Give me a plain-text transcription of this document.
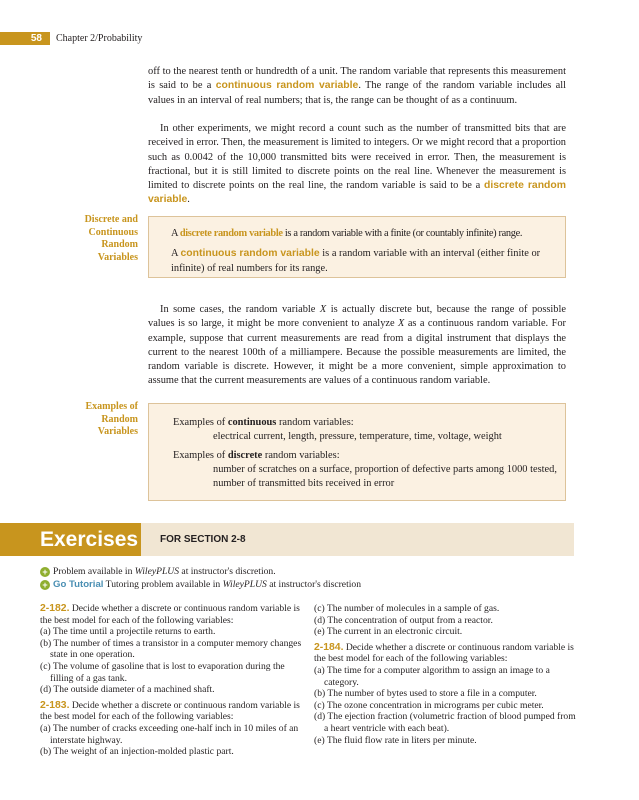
58	Chapter 2/Probability

off to the nearest tenth or hundredth of a unit. The random variable that represents this measurement is said to be a continuous random variable. The range of the random variable includes all values in an interval of real numbers; that is, the range can be thought of as a continuum.

In other experiments, we might record a count such as the number of transmitted bits that are received in error. Then, the measurement is limited to integers. Or we might record that a proportion such as 0.0042 of the 10,000 transmitted bits were received in error. Then, the measurement is fractional, but it is still limited to discrete points on the real line. Whenever the measurement is limited to discrete points on the real line, the random variable is said to be a discrete random variable.

Discrete and
Continuous
Random
Variables

A discrete random variable is a random variable with a finite (or countably infinite) range.

A continuous random variable is a random variable with an interval (either finite or infinite) of real numbers for its range.

In some cases, the random variable X is actually discrete but, because the range of possible values is so large, it might be more convenient to analyze X as a continuous random variable. For example, suppose that current measurements are read from a digital instrument that displays the current to the nearest 100th of a milliampere. Because the possible measurements are limited, the random variable is discrete. However, it might be a more convenient, simple approximation to assume that the current measurements are values of a continuous random variable.

Examples of
Random
Variables

Examples of continuous random variables:

electrical current, length, pressure, temperature, time, voltage, weight

Examples of discrete random variables:

number of scratches on a surface, proportion of defective parts among 1000 tested, number of transmitted bits received in error

Exercises FOR SECTION 2-8
+ Problem available in WileyPLUS at instructor's discretion.
+ Go Tutorial Tutoring problem available in WileyPLUS at instructor's discretion

2-182. Decide whether a discrete or continuous random variable is the best model for each of the following variables:

(a) The time until a projectile returns to earth.

(b) The number of times a transistor in a computer memory changes state in one operation.

(c) The volume of gasoline that is lost to evaporation during the filling of a gas tank.

(d) The outside diameter of a machined shaft.

2-183. Decide whether a discrete or continuous random variable is the best model for each of the following variables:

(a) The number of cracks exceeding one-half inch in 10 miles of an interstate highway.

(b) The weight of an injection-molded plastic part.

(c) The number of molecules in a sample of gas.

(d) The concentration of output from a reactor.

(e) The current in an electronic circuit.

2-184. Decide whether a discrete or continuous random variable is the best model for each of the following variables:

(a) The time for a computer algorithm to assign an image to a category.

(b) The number of bytes used to store a file in a computer.

(c) The ozone concentration in micrograms per cubic meter.

(d) The ejection fraction (volumetric fraction of blood pumped from a heart ventricle with each beat).

(e) The fluid flow rate in liters per minute.
